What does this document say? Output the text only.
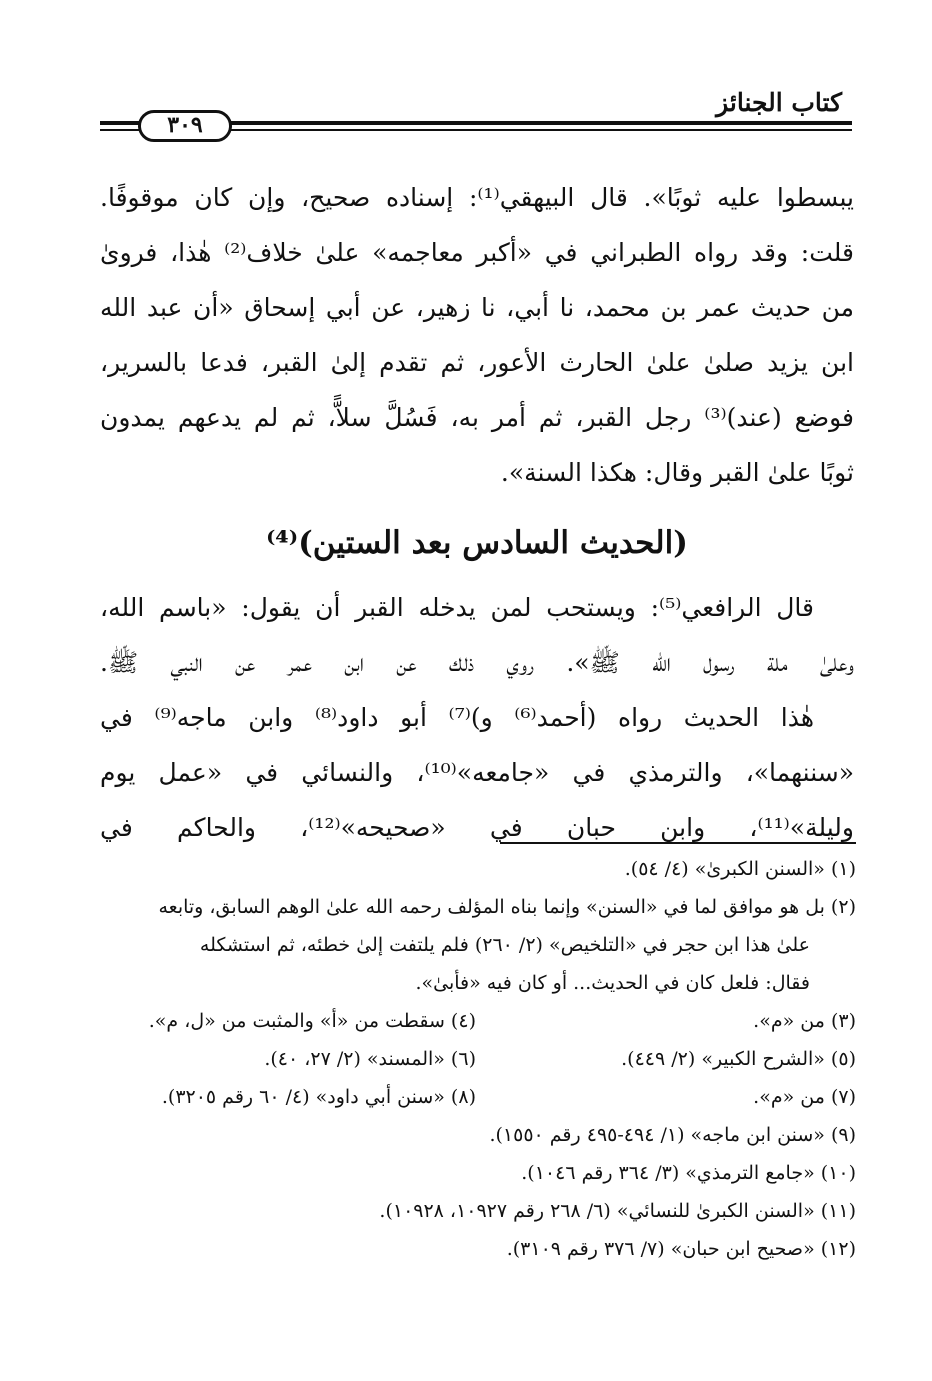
كتاب الجنائز
٣٠٩
يبسطوا عليه ثوبًا». قال البيهقي⁽¹⁾: إسناده صحيح، وإن كان موقوفًا.
قلت: وقد رواه الطبراني في «أكبر معاجمه» علىٰ خلاف⁽²⁾ هٰذا، فروىٰ
من حديث عمر بن محمد، نا أبي، نا زهير، عن أبي إسحاق «أن عبد الله
ابن يزيد صلىٰ علىٰ الحارث الأعور، ثم تقدم إلىٰ القبر، فدعا بالسرير،
فوضع (عند)⁽³⁾ رجل القبر، ثم أمر به، فَسُلَّ سلاًّ، ثم لم يدعهم يمدون
ثوبًا علىٰ القبر وقال: هكذا السنة».
(الحديث السادس بعد الستين)⁽⁴⁾
قال الرافعي⁽⁵⁾: ويستحب لمن يدخله القبر أن يقول: «باسم الله،
وعلىٰ ملة رسول الله ﷺ». روي ذلك عن ابن عمر عن النبي ﷺ.
هٰذا الحديث رواه (أحمد⁽⁶⁾ و)⁽⁷⁾ أبو داود⁽⁸⁾ وابن ماجه⁽⁹⁾ في
«سننهما»، والترمذي في «جامعه»⁽¹⁰⁾، والنسائي في «عمل يوم
وليلة»⁽¹¹⁾، وابن حبان في «صحيحه»⁽¹²⁾، والحاكم في
(١) «السنن الكبرىٰ» (٤/ ٥٤).
(٢) بل هو موافق لما في «السنن» وإنما بناه المؤلف رحمه الله علىٰ الوهم السابق، وتابعه
علىٰ هذا ابن حجر في «التلخيص» (٢/ ٢٦٠) فلم يلتفت إلىٰ خطئه، ثم استشكله
فقال: فلعل كان في الحديث... أو كان فيه «فأبىٰ».
(٣) من «م».
(٤) سقطت من «أ» والمثبت من «ل، م».
(٥) «الشرح الكبير» (٢/ ٤٤٩).
(٦) «المسند» (٢/ ٢٧، ٤٠).
(٧) من «م».
(٨) «سنن أبي داود» (٤/ ٦٠ رقم ٣٢٠٥).
(٩) «سنن ابن ماجه» (١/ ٤٩٤-٤٩٥ رقم ١٥٥٠).
(١٠) «جامع الترمذي» (٣/ ٣٦٤ رقم ١٠٤٦).
(١١) «السنن الكبرىٰ للنسائي» (٦/ ٢٦٨ رقم ١٠٩٢٧، ١٠٩٢٨).
(١٢) «صحيح ابن حبان» (٧/ ٣٧٦ رقم ٣١٠٩).
